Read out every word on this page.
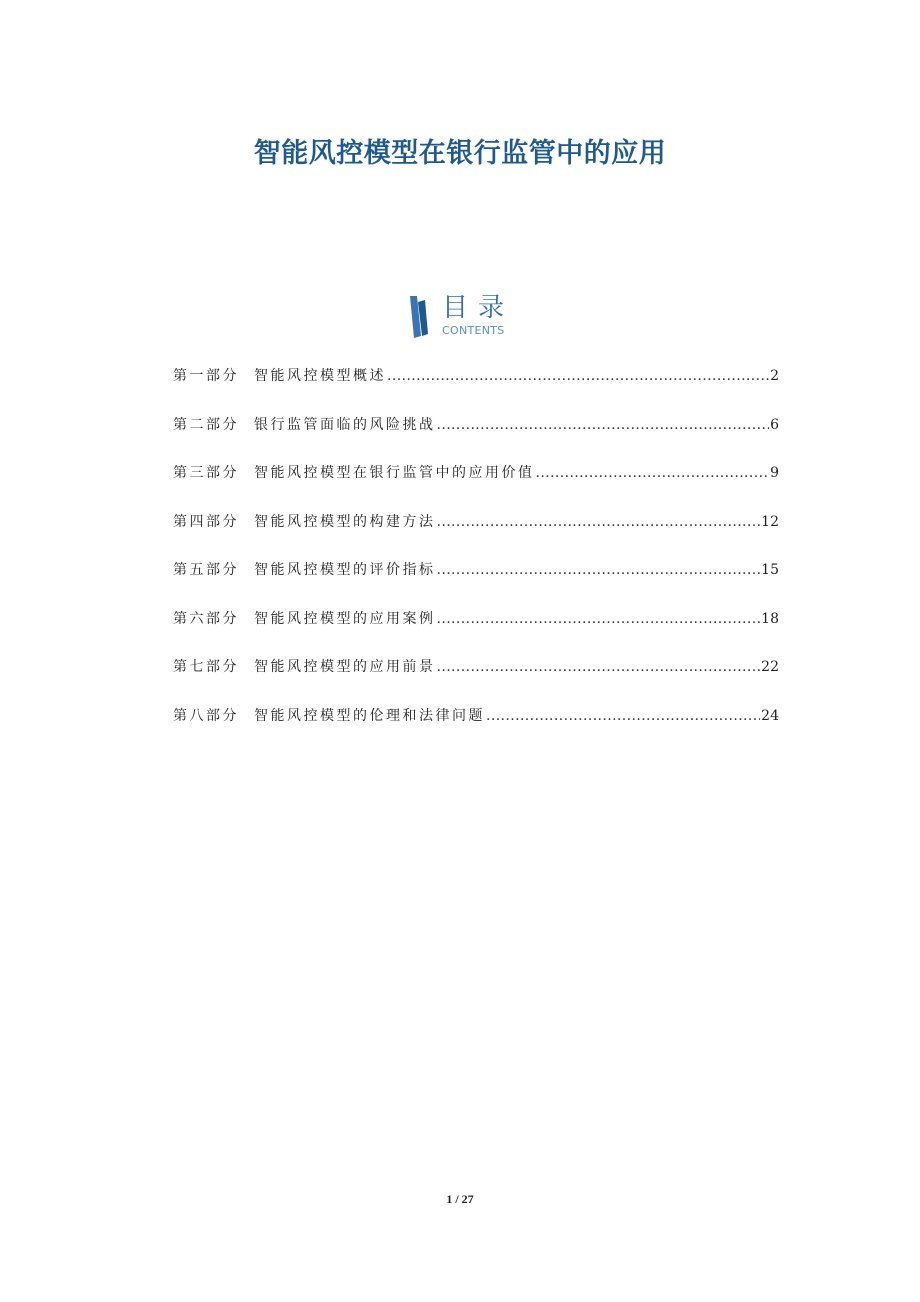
智能风控模型在银行监管中的应用
目录
CONTENTS
第一部分	智能风控模型概述 .....	2
第二部分	银行监管面临的风险挑战 .....	6
第三部分	智能风控模型在银行监管中的应用价值 .....	9
第四部分	智能风控模型的构建方法 .....	12
第五部分	智能风控模型的评价指标 .....	15
第六部分	智能风控模型的应用案例 .....	18
第七部分	智能风控模型的应用前景 .....	22
第八部分	智能风控模型的伦理和法律问题 .....	24
1 / 27
